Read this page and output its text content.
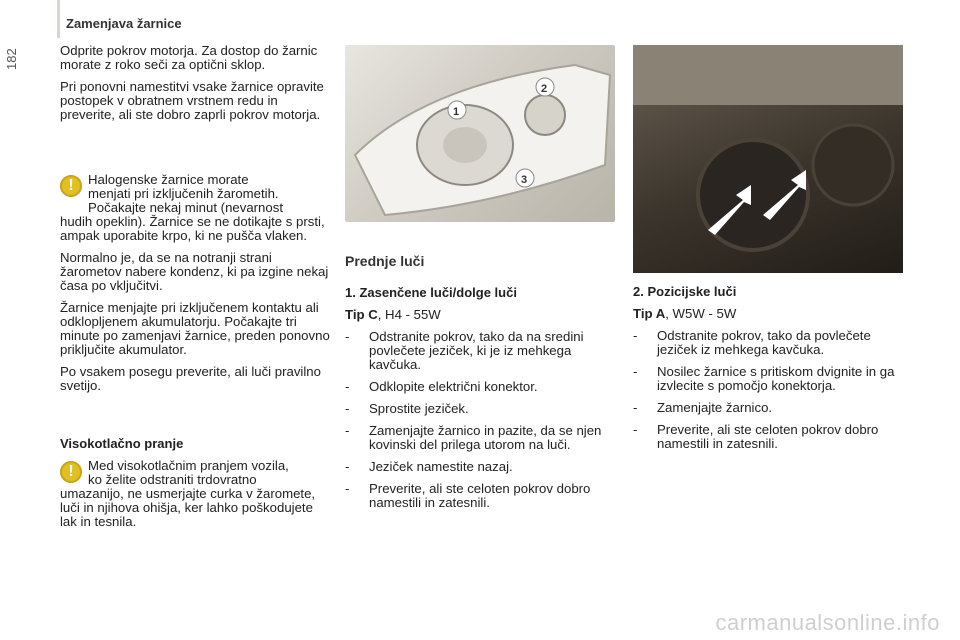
Zamenjava žarnice
182	Odprite pokrov motorja. Za dostop do žarnic morate z roko seči za optični sklop.

Pri ponovni namestitvi vsake žarnice opravite postopek v obratnem vrstnem redu in preverite, ali ste dobro zaprli pokrov motorja.

!	Halogenske žarnice morate
menjati pri izključenih žarometih.
Počakajte nekaj minut (nevarnost
hudih opeklin). Žarnice se ne dotikajte s prsti, ampak uporabite krpo, ki ne pušča vlaken.

Normalno je, da se na notranji strani žarometov nabere kondenz, ki pa izgine nekaj časa po vključitvi.

Žarnice menjajte pri izključenem kontaktu ali odklopljenem akumulatorju. Počakajte tri minute po zamenjavi žarnice, preden ponovno priključite akumulator.

Po vsakem posegu preverite, ali luči pravilno svetijo.

Visokotlačno pranje
!	Med visokotlačnim pranjem vozila,
ko želite odstraniti trdovratno
umazanijo, ne usmerjajte curka v žaromete, luči in njihova ohišja, ker lahko poškodujete lak in tesnila.
1
2
3
Prednje luči
1. Zasenčene luči/dolge luči

Tip C, H4 - 55W

- Odstranite pokrov, tako da na sredini povlečete jeziček, ki je iz mehkega kavčuka.
- Odklopite električni konektor.
- Sprostite jeziček.
- Zamenjajte žarnico in pazite, da se njen kovinski del prilega utorom na luči.
- Jeziček namestite nazaj.
- Preverite, ali ste celoten pokrov dobro namestili in zatesnili.
2. Pozicijske luči

Tip A, W5W - 5W

- Odstranite pokrov, tako da povlečete jeziček iz mehkega kavčuka.
- Nosilec žarnice s pritiskom dvignite in ga izvlecite s pomočjo konektorja.
- Zamenjajte žarnico.
- Preverite, ali ste celoten pokrov dobro namestili in zatesnili.
carmanualsonline.info
